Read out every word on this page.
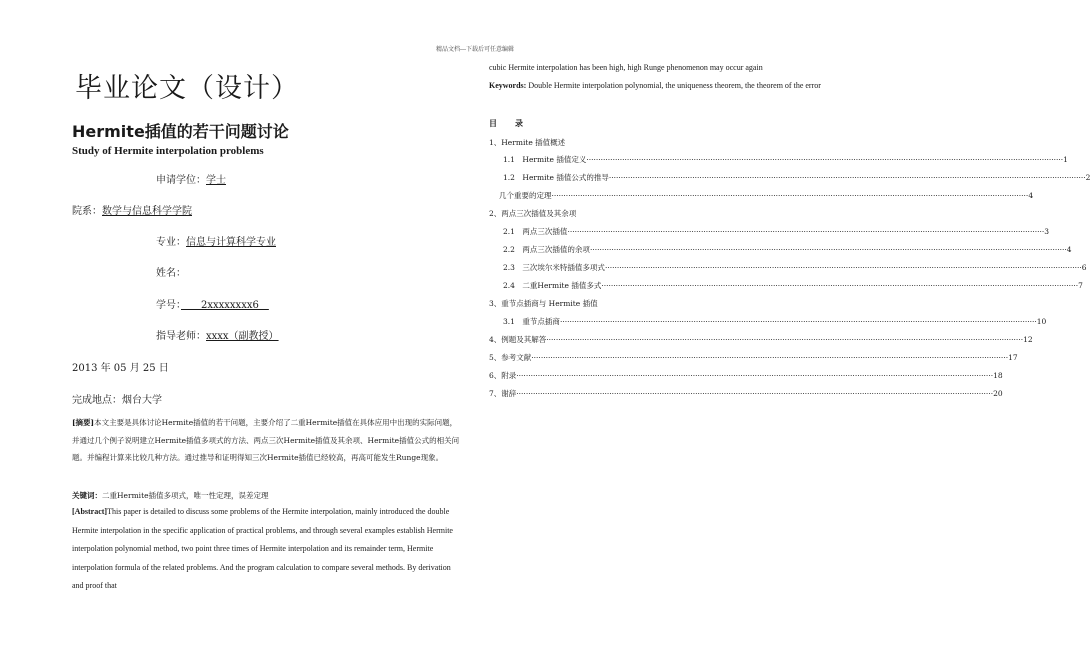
精品文档---下载后可任意编辑
毕业论文（设计）
Hermite插值的若干问题讨论
Study of Hermite interpolation problems
申请学位：学士
院系：数学与信息科学学院
专业：信息与计算科学专业
姓名：
学号：　　2xxxxxxxx6　
指导老师：xxxx（副教授）
2013 年 05 月 25 日
完成地点：烟台大学
[摘要]本文主要是具体讨论Hermite插值的若干问题，主要介绍了二重Hermite插值在具体应用中出现的实际问题，并通过几个例子说明建立Hermite插值多项式的方法、两点三次Hermite插值及其余项、Hermite插值公式的相关问题。并编程计算来比较几种方法。通过推导和证明得知三次Hermite插值已经较高，再高可能发生Runge现象。
关键词：二重Hermite插值多项式，唯一性定理，误差定理
[Abstract]This paper is detailed to discuss some problems of the Hermite interpolation, mainly introduced the double Hermite interpolation in the specific application of practical problems, and through several examples establish Hermite interpolation polynomial method, two point three times of Hermite interpolation and its remainder term, Hermite interpolation formula of the related problems. And the program calculation to compare several methods. By derivation and proof that
cubic Hermite interpolation has been high, high Runge phenomenon may occur again
Keywords: Double Hermite interpolation polynomial, the uniqueness theorem, the theorem of the error
目录
1、Hermite 插值概述
1.1　Hermite 插值定义 ········································································································································································································ 1
1.2　Hermite 插值公式的推导 ········································································································································································································ 2
几个重要的定理 ········································································································································································································ 4
2、两点三次插值及其余项
2.1　两点三次插值 ········································································································································································································ 3
2.2　两点三次插值的余项 ········································································································································································································ 4
2.3　三次埃尔米特插值多项式 ········································································································································································································ 6
2.4　二重Hermite 插值多式 ········································································································································································································ 7
3、重节点插商与 Hermite 插值
3.1　重节点插商 ········································································································································································································ 10
4、例题及其解答 ········································································································································································································ 12
5、参考文献 ········································································································································································································ 17
6、附录 ········································································································································································································ 18
7、谢辞 ········································································································································································································ 20
